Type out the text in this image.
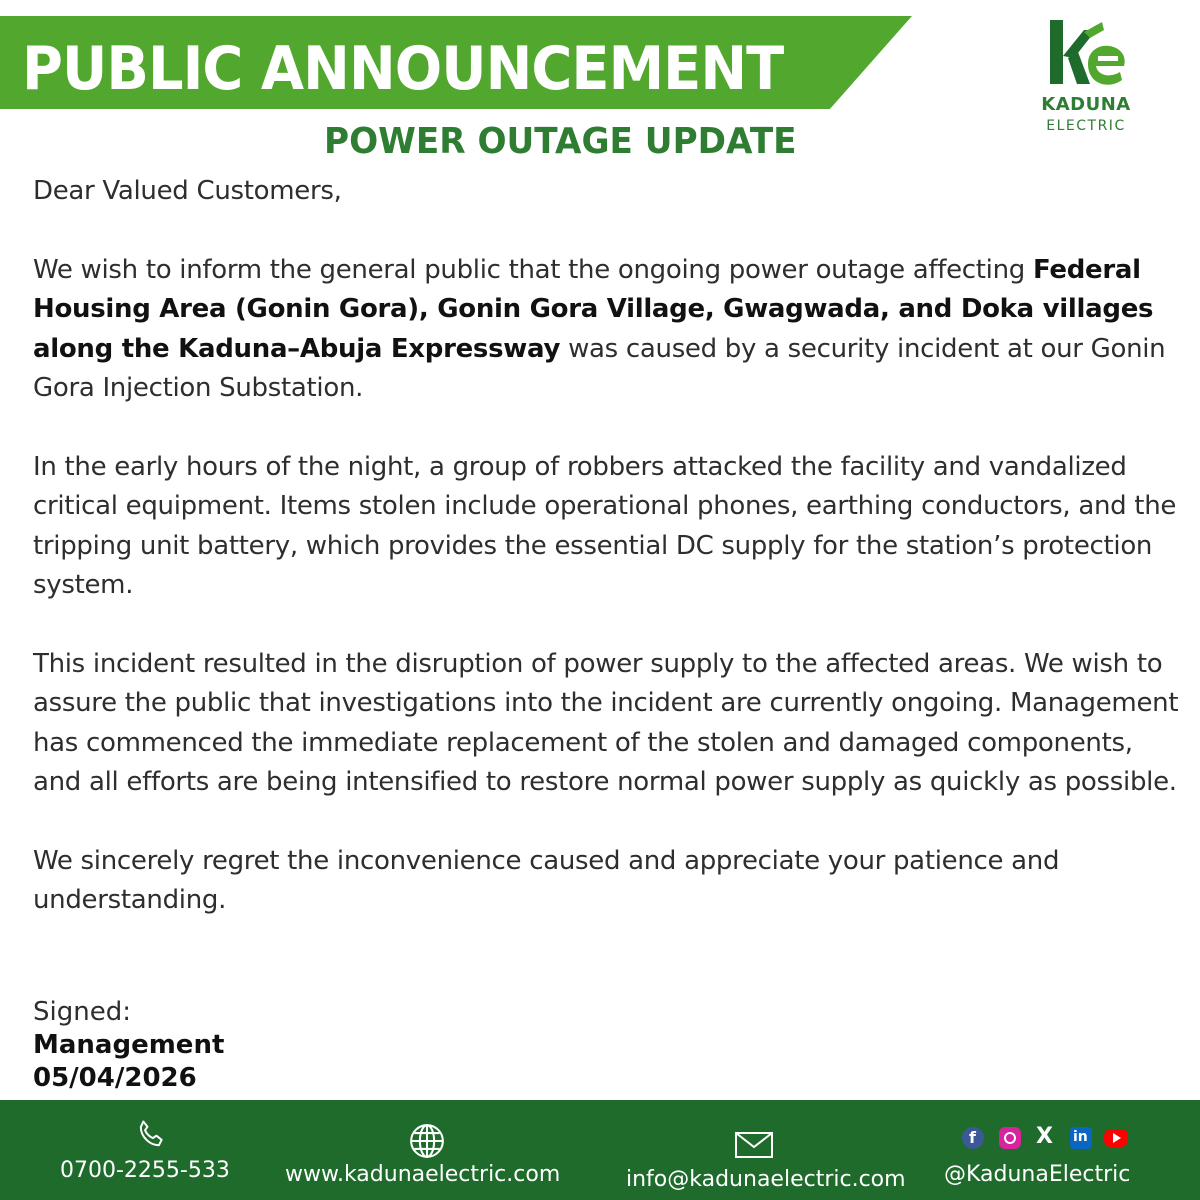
PUBLIC ANNOUNCEMENT
POWER OUTAGE UPDATE
KADUNA
ELECTRIC

Dear Valued Customers,

We wish to inform the general public that the ongoing power outage affecting Federal Housing Area (Gonin Gora), Gonin Gora Village, Gwagwada, and Doka villages along the Kaduna–Abuja Expressway was caused by a security incident at our Gonin Gora Injection Substation.

In the early hours of the night, a group of robbers attacked the facility and vandalized critical equipment. Items stolen include operational phones, earthing conductors, and the tripping unit battery, which provides the essential DC supply for the station’s protection system.

This incident resulted in the disruption of power supply to the affected areas. We wish to assure the public that investigations into the incident are currently ongoing. Management has commenced the immediate replacement of the stolen and damaged components, and all efforts are being intensified to restore normal power supply as quickly as possible.

We sincerely regret the inconvenience caused and appreciate your patience and understanding.

Signed:
Management
05/04/2026
0700-2255-533	www.kadunaelectric.com	info@kadunaelectric.com
f	X in
@KadunaElectric
